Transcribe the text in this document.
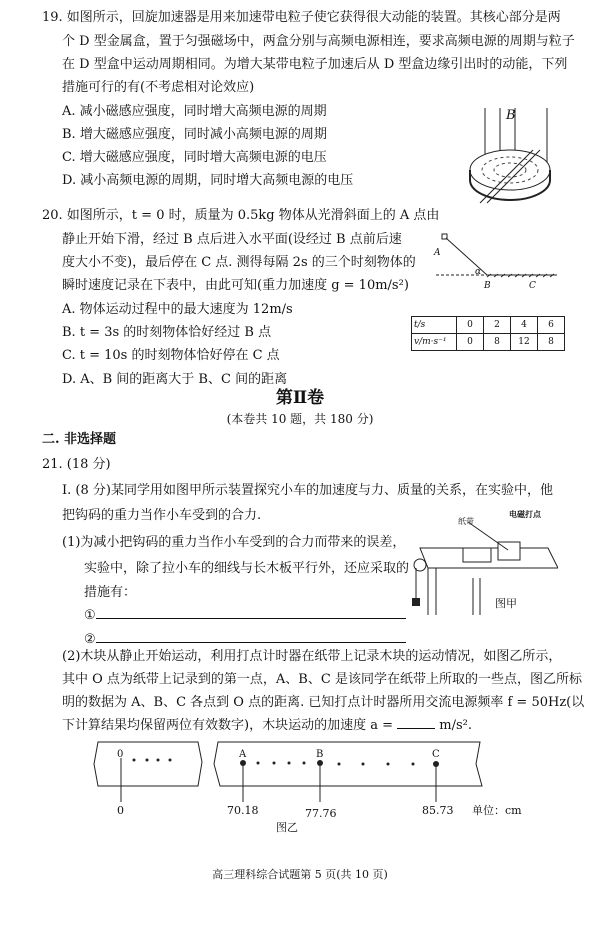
19. 如图所示，回旋加速器是用来加速带电粒子使它获得很大动能的装置。其核心部分是两
个 D 型金属盒，置于匀强磁场中，两盒分别与高频电源相连，要求高频电源的周期与粒子
在 D 型盒中运动周期相同。为增大某带电粒子加速后从 D 型盒边缘引出时的动能，下列
措施可行的有(不考虑相对论效应)
A. 减小磁感应强度，同时增大高频电源的周期
B. 增大磁感应强度，同时减小高频电源的周期
C. 增大磁感应强度，同时增大高频电源的电压
D. 减小高频电源的周期，同时增大高频电源的电压
B
20. 如图所示，t = 0 时，质量为 0.5kg 物体从光滑斜面上的 A 点由
静止开始下滑，经过 B 点后进入水平面(设经过 B 点前后速
度大小不变)，最后停在 C 点. 测得每隔 2s 的三个时刻物体的
瞬时速度记录在下表中，由此可知(重力加速度 g = 10m/s²)
A. 物体运动过程中的最大速度为 12m/s
B. t = 3s 的时刻物体恰好经过 B 点
C. t = 10s 的时刻物体恰好停在 C 点
D. A、B 间的距离大于 B、C 间的距离
A
α
B	C
t/s	0	2	4	6
v/m·s⁻¹	0	8	12	8
第Ⅱ卷
(本卷共 10 题，共 180 分)
二. 非选择题
21. (18 分)
Ⅰ. (8 分)某同学用如图甲所示装置探究小车的加速度与力、质量的关系，在实验中，他
把钩码的重力当作小车受到的合力.
(1)为减小把钩码的重力当作小车受到的合力而带来的误差，
实验中，除了拉小车的细线与长木板平行外，还应采取的
措施有：
①
②
纸带
电磁打点
图甲
(2)木块从静止开始运动，利用打点计时器在纸带上记录木块的运动情况，如图乙所示，
其中 O 点为纸带上记录到的第一点，A、B、C 是该同学在纸带上所取的一些点，图乙所标
明的数据为 A、B、C 各点到 O 点的距离. 已知打点计时器所用交流电源频率 f = 50Hz(以
下计算结果均保留两位有效数字)，木块运动的加速度 a =	m/s².
0	A	B	C
0	70.18	77.76	85.73 单位：cm
图乙
高三理科综合试题第 5 页(共 10 页)
